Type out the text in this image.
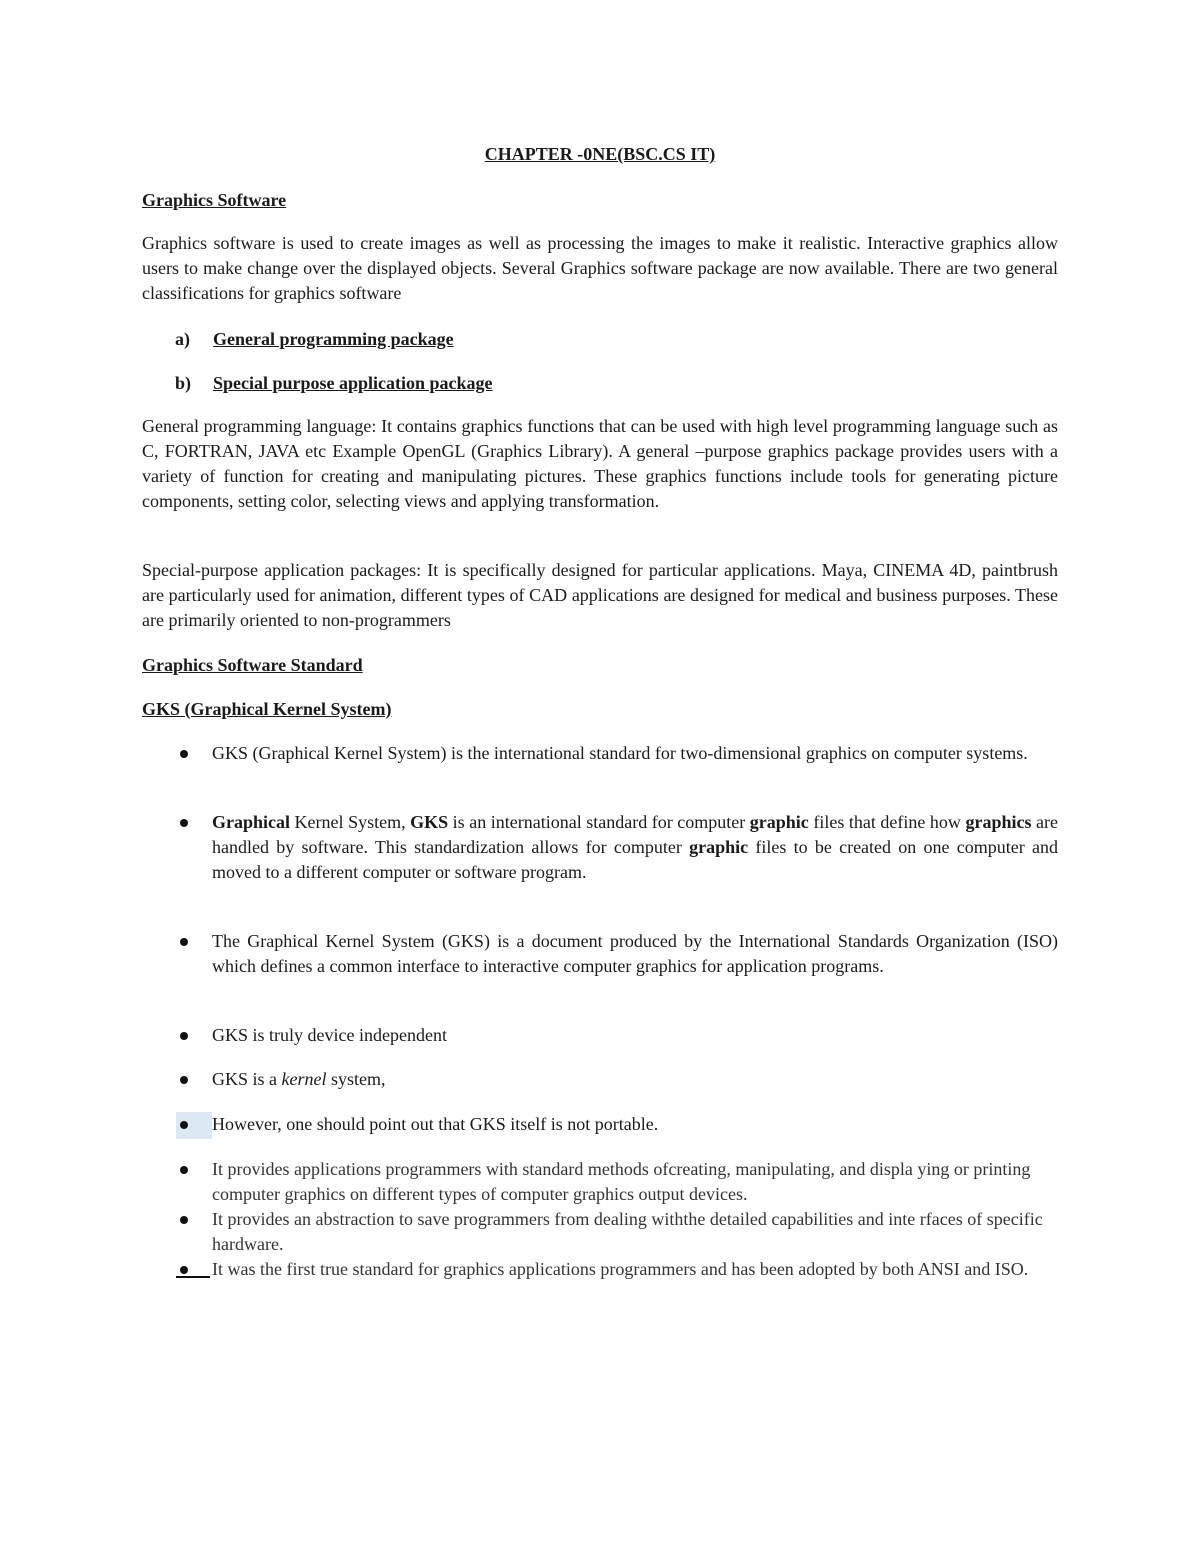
CHAPTER -0NE(BSC.CS IT)
Graphics Software
Graphics software is used to create images as well as processing the images to make it realistic. Interactive graphics allow users to make change over the displayed objects. Several Graphics software package are now available. There are two general classifications for graphics software
a) General programming package
b) Special purpose application package
General programming language: It contains graphics functions that can be used with high level programming language such as C, FORTRAN, JAVA etc Example OpenGL (Graphics Library). A general –purpose graphics package provides users with a variety of function for creating and manipulating pictures. These graphics functions include tools for generating picture components, setting color, selecting views and applying transformation.
Special-purpose application packages: It is specifically designed for particular applications. Maya, CINEMA 4D, paintbrush are particularly used for animation, different types of CAD applications are designed for medical and business purposes. These are primarily oriented to non-programmers
Graphics Software Standard
GKS (Graphical Kernel System)
GKS (Graphical Kernel System) is the international standard for two-dimensional graphics on computer systems.
Graphical Kernel System, GKS is an international standard for computer graphic files that define how graphics are handled by software. This standardization allows for computer graphic files to be created on one computer and moved to a different computer or software program.
The Graphical Kernel System (GKS) is a document produced by the International Standards Organization (ISO) which defines a common interface to interactive computer graphics for application programs.
GKS is truly device independent
GKS is a kernel system,
However, one should point out that GKS itself is not portable.
It provides applications programmers with standard methods ofcreating, manipulating, and displa ying or printing computer graphics on different types of computer graphics output devices.
It provides an abstraction to save programmers from dealing withthe detailed capabilities and inte rfaces of specific hardware.
It was the first true standard for graphics applications programmers and has been adopted by both ANSI and ISO.
